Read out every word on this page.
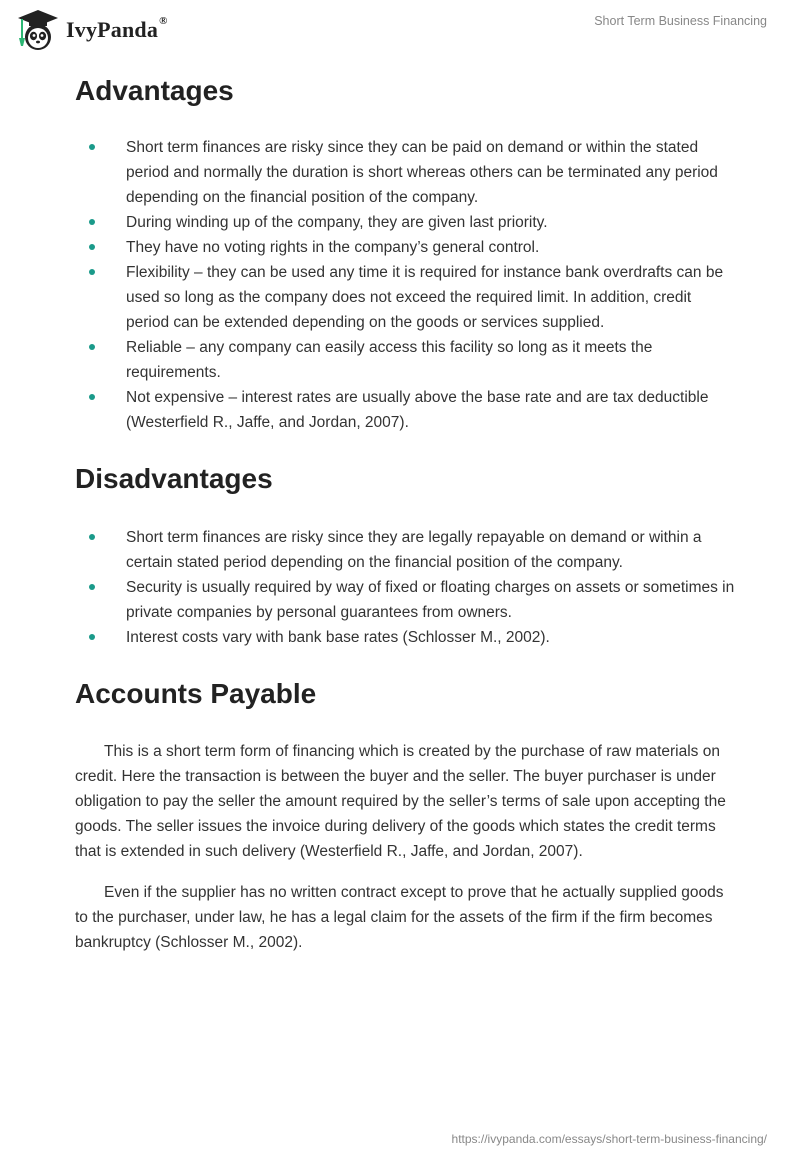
IvyPanda®	Short Term Business Financing
Advantages
Short term finances are risky since they can be paid on demand or within the stated period and normally the duration is short whereas others can be terminated any period depending on the financial position of the company.
During winding up of the company, they are given last priority.
They have no voting rights in the company’s general control.
Flexibility – they can be used any time it is required for instance bank overdrafts can be used so long as the company does not exceed the required limit. In addition, credit period can be extended depending on the goods or services supplied.
Reliable – any company can easily access this facility so long as it meets the requirements.
Not expensive – interest rates are usually above the base rate and are tax deductible (Westerfield R., Jaffe, and Jordan, 2007).
Disadvantages
Short term finances are risky since they are legally repayable on demand or within a certain stated period depending on the financial position of the company.
Security is usually required by way of fixed or floating charges on assets or sometimes in private companies by personal guarantees from owners.
Interest costs vary with bank base rates (Schlosser M., 2002).
Accounts Payable

This is a short term form of financing which is created by the purchase of raw materials on credit. Here the transaction is between the buyer and the seller. The buyer purchaser is under obligation to pay the seller the amount required by the seller’s terms of sale upon accepting the goods. The seller issues the invoice during delivery of the goods which states the credit terms that is extended in such delivery (Westerfield R., Jaffe, and Jordan, 2007).

Even if the supplier has no written contract except to prove that he actually supplied goods to the purchaser, under law, he has a legal claim for the assets of the firm if the firm becomes bankruptcy (Schlosser M., 2002).

https://ivypanda.com/essays/short-term-business-financing/
